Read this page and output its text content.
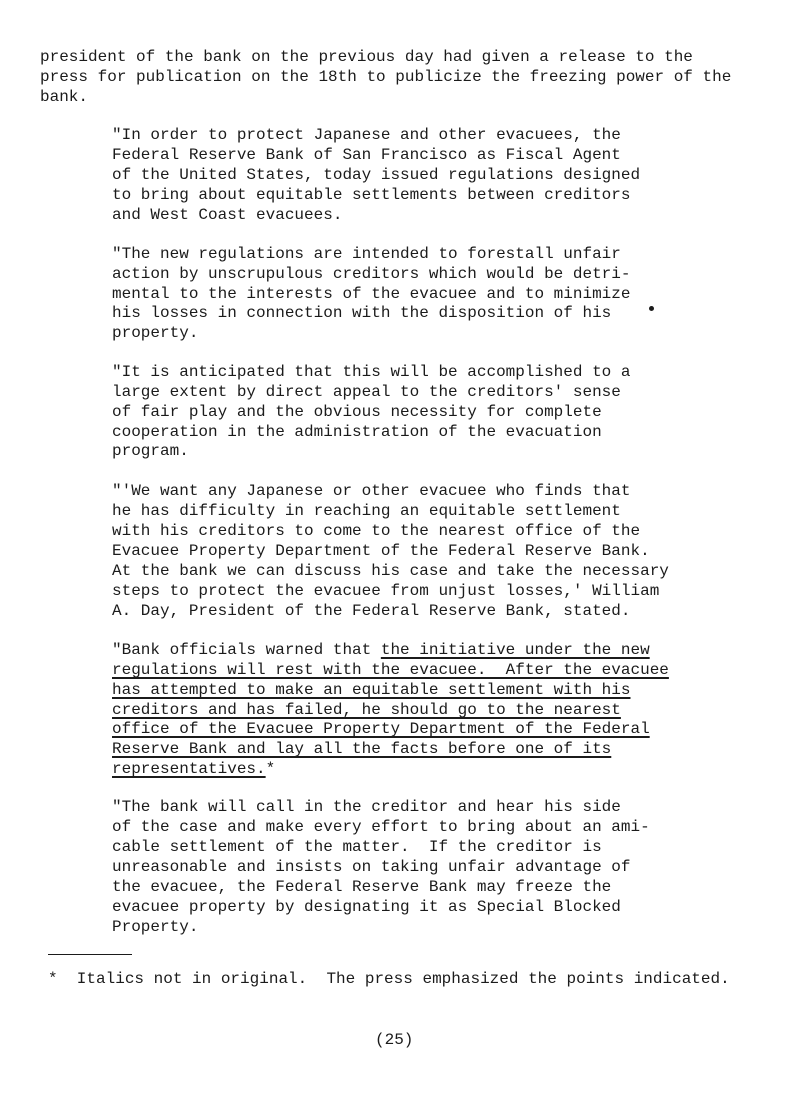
president of the bank on the previous day had given a release to the
press for publication on the 18th to publicize the freezing power of the
bank.
"In order to protect Japanese and other evacuees, the
Federal Reserve Bank of San Francisco as Fiscal Agent
of the United States, today issued regulations designed
to bring about equitable settlements between creditors
and West Coast evacuees.
"The new regulations are intended to forestall unfair
action by unscrupulous creditors which would be detri-
mental to the interests of the evacuee and to minimize
his losses in connection with the disposition of his
property.
"It is anticipated that this will be accomplished to a
large extent by direct appeal to the creditors' sense
of fair play and the obvious necessity for complete
cooperation in the administration of the evacuation
program.
"'We want any Japanese or other evacuee who finds that
he has difficulty in reaching an equitable settlement
with his creditors to come to the nearest office of the
Evacuee Property Department of the Federal Reserve Bank.
At the bank we can discuss his case and take the necessary
steps to protect the evacuee from unjust losses,' William
A. Day, President of the Federal Reserve Bank, stated.
"Bank officials warned that the initiative under the new
regulations will rest with the evacuee.  After the evacuee
has attempted to make an equitable settlement with his
creditors and has failed, he should go to the nearest
office of the Evacuee Property Department of the Federal
Reserve Bank and lay all the facts before one of its
representatives.*
"The bank will call in the creditor and hear his side
of the case and make every effort to bring about an ami-
cable settlement of the matter.  If the creditor is
unreasonable and insists on taking unfair advantage of
the evacuee, the Federal Reserve Bank may freeze the
evacuee property by designating it as Special Blocked
Property.
*  Italics not in original.  The press emphasized the points indicated.
(25)
